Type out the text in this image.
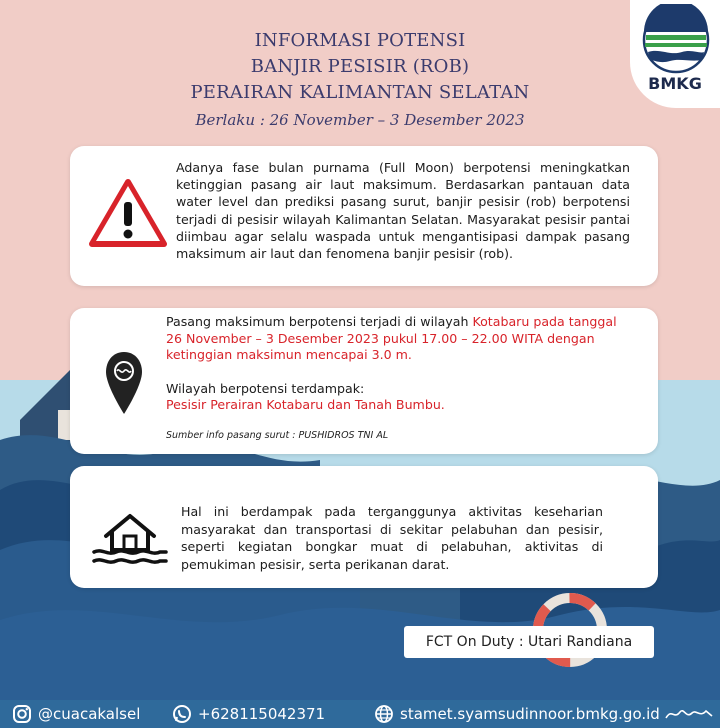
INFORMASI POTENSI
BANJIR PESISIR (ROB)
PERAIRAN KALIMANTAN SELATAN
Berlaku : 26 November – 3 Desember 2023
BMKG
Adanya fase bulan purnama (Full Moon) berpotensi meningkatkan ketinggian pasang air laut maksimum. Berdasarkan pantauan data water level dan prediksi pasang surut, banjir pesisir (rob) berpotensi terjadi di pesisir wilayah Kalimantan Selatan. Masyarakat pesisir pantai diimbau agar selalu waspada untuk mengantisipasi dampak pasang maksimum air laut dan fenomena banjir pesisir (rob).
Pasang maksimum berpotensi terjadi di wilayah Kotabaru pada tanggal 26 November – 3 Desember 2023 pukul 17.00 – 22.00 WITA dengan ketinggian maksimun mencapai 3.0 m.
Wilayah berpotensi terdampak:
Pesisir Perairan Kotabaru dan Tanah Bumbu.
Sumber info pasang surut : PUSHIDROS TNI AL
Hal ini berdampak pada terganggunya aktivitas keseharian masyarakat dan transportasi di sekitar pelabuhan dan pesisir, seperti kegiatan bongkar muat di pelabuhan, aktivitas di pemukiman pesisir, serta perikanan darat.
FCT On Duty : Utari Randiana
@cuacakalsel	+628115042371	stamet.syamsudinnoor.bmkg.go.id
